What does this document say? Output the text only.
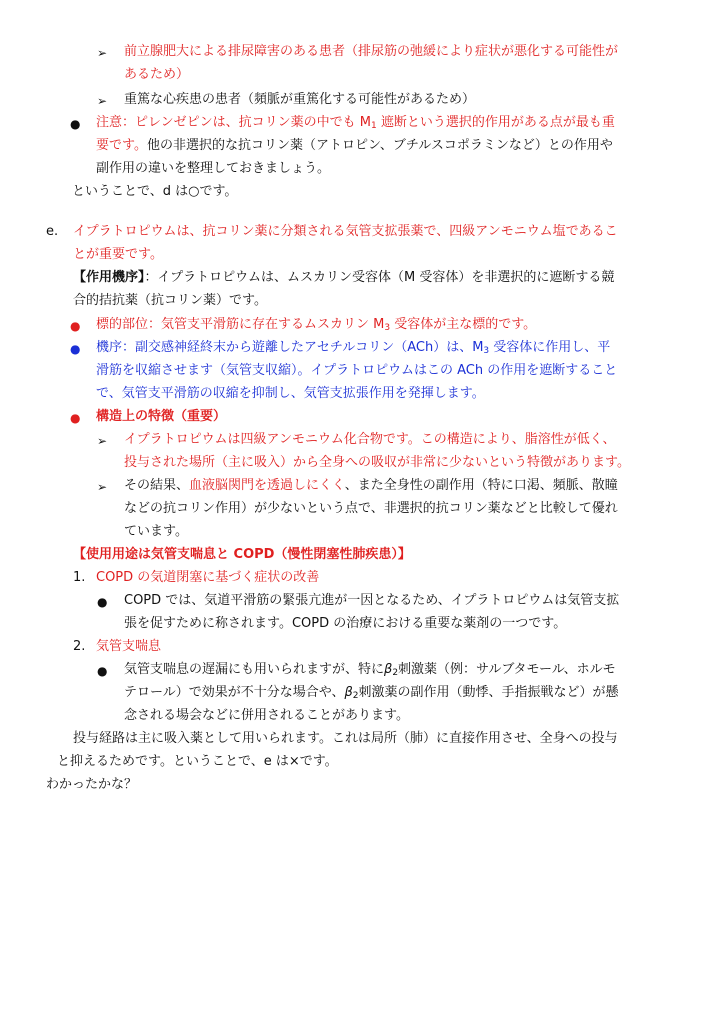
➢ 前立腺肥大による排尿障害のある患者（排尿筋の弛緩により症状が悪化する可能性が
あるため）
➢ 重篤な心疾患の患者（頻脈が重篤化する可能性があるため）
● 注意：ピレンゼピンは、抗コリン薬の中でも $M_1$ 遮断という選択的作用がある点が最も重
要です。他の非選択的な抗コリン薬（アトロピン、ブチルスコポラミンなど）との作用や
副作用の違いを整理しておきましょう。
ということで、d は○です。
e. イプラトロピウムは、抗コリン薬に分類される気管支拡張薬で、四級アンモニウム塩であるこ
とが重要です。
【作用機序】：イプラトロピウムは、ムスカリン受容体（M 受容体）を非選択的に遮断する競
合的拮抗薬（抗コリン薬）です。
● 標的部位：気管支平滑筋に存在するムスカリン $M_3$ 受容体が主な標的です。
● 機序：副交感神経終末から遊離したアセチルコリン（ACh）は、$M_3$ 受容体に作用し、平
滑筋を収縮させます（気管支収縮）。イプラトロピウムはこの ACh の作用を遮断すること
で、気管支平滑筋の収縮を抑制し、気管支拡張作用を発揮します。
● 構造上の特徴（重要）
➢ イプラトロピウムは四級アンモニウム化合物です。この構造により、脂溶性が低く、
投与された場所（主に吸入）から全身への吸収が非常に少ないという特徴があります。
➢ その結果、血液脳関門を透過しにくく、また全身性の副作用（特に口渇、頻脈、散瞳
などの抗コリン作用）が少ないという点で、非選択的抗コリン薬などと比較して優れ
ています。
【使用用途は気管支喘息と COPD（慢性閉塞性肺疾患）】
1. COPD の気道閉塞に基づく症状の改善
● COPD では、気道平滑筋の緊張亢進が一因となるため、イプラトロピウムは気管支拡
張を促すために称されます。COPD の治療における重要な薬剤の一つです。
2. 気管支喘息
● 気管支喘息の遅漏にも用いられますが、特に$\beta_2$刺激薬（例：サルブタモール、ホルモ
テロール）で効果が不十分な場合や、$\beta_2$刺激薬の副作用（動悸、手指振戦など）が懸
念される場会などに併用されることがあります。
投与経路は主に吸入薬として用いられます。これは局所（肺）に直接作用させ、全身への投与
と抑えるためです。ということで、e は×です。
わかったかな？
